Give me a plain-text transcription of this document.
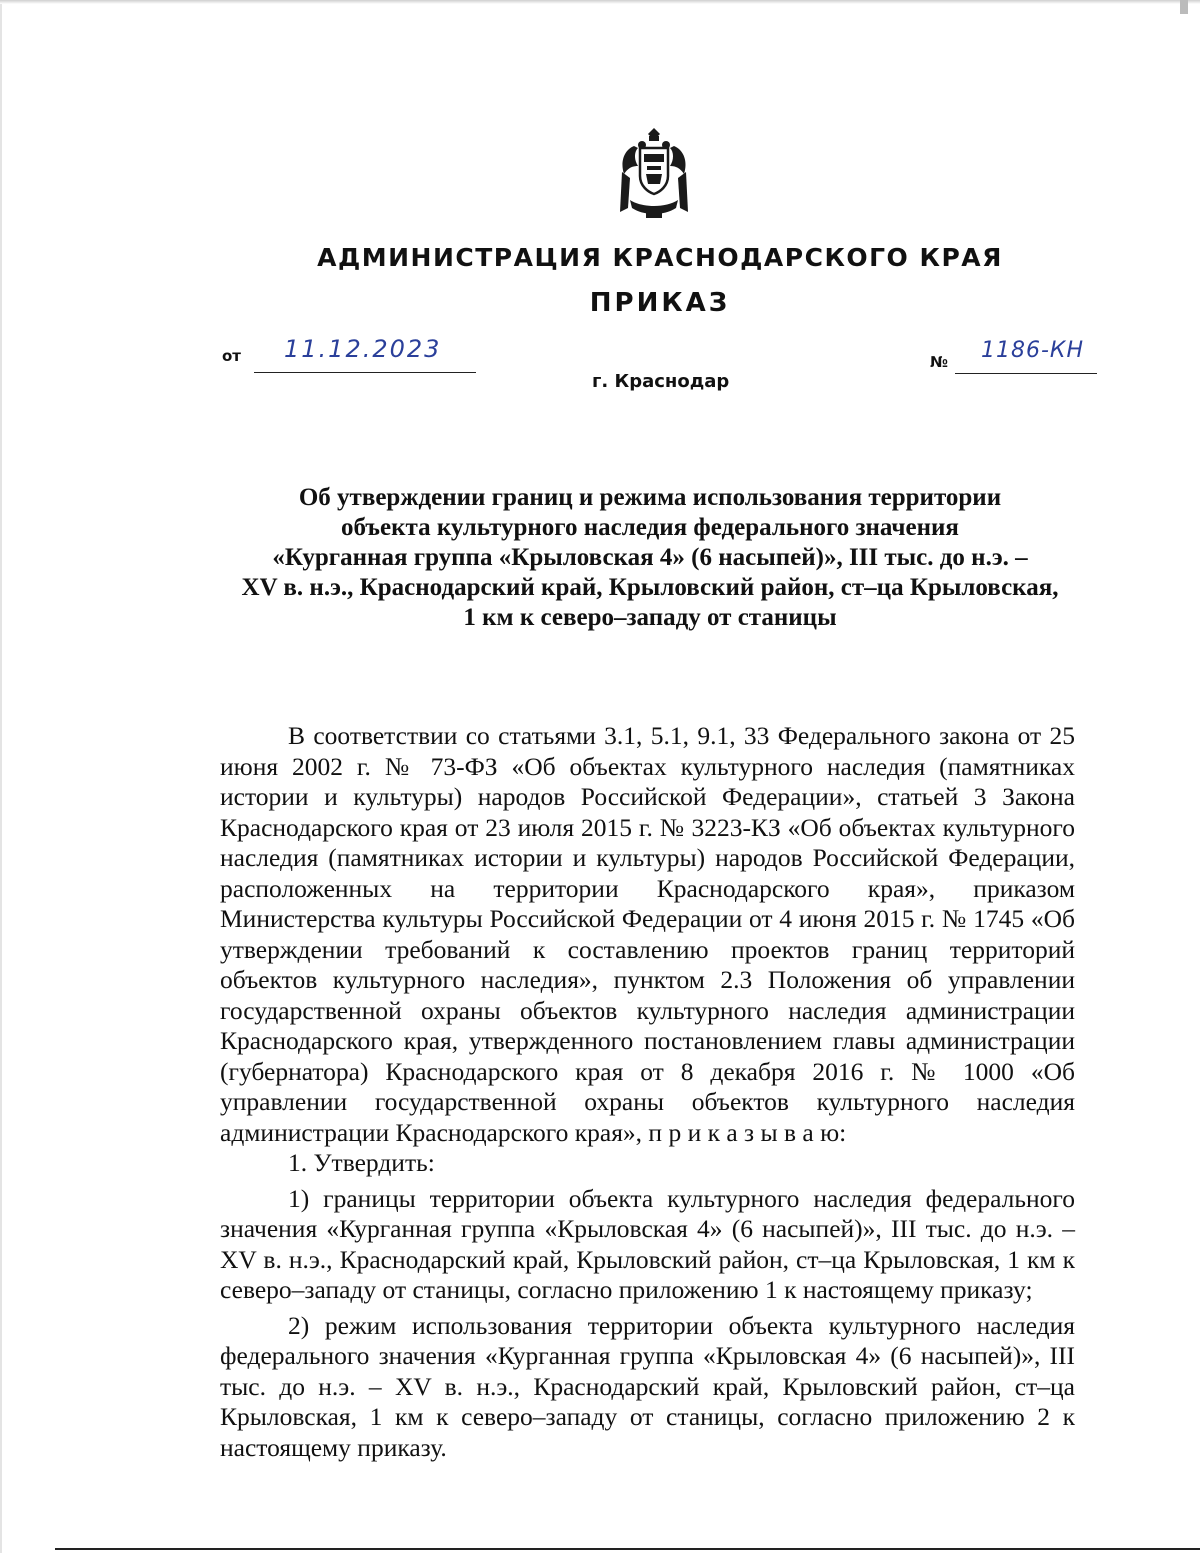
АДМИНИСТРАЦИЯ КРАСНОДАРСКОГО КРАЯ
ПРИКАЗ
от	11.12.2023	№	1186-КН
г. Краснодар
Об утверждении границ и режима использования территории
объекта культурного наследия федерального значения
«Курганная группа «Крыловская 4» (6 насыпей)», III тыс. до н.э. –
XV в. н.э., Краснодарский край, Крыловский район, ст–ца Крыловская,
1 км к северо–западу от станицы

В соответствии со статьями 3.1, 5.1, 9.1, 33 Федерального закона от 25 июня 2002 г. № 73-ФЗ «Об объектах культурного наследия (памятниках истории и культуры) народов Российской Федерации», статьей 3 Закона Краснодарского края от 23 июля 2015 г. № 3223-КЗ «Об объектах культурного наследия (памятниках истории и культуры) народов Российской Федерации, расположенных на территории Краснодарского края», приказом Министерства культуры Российской Федерации от 4 июня 2015 г. № 1745 «Об утверждении требований к составлению проектов границ территорий объектов культурного наследия», пунктом 2.3 Положения об управлении государственной охраны объектов культурного наследия администрации Краснодарского края, утвержденного постановлением главы администрации (губернатора) Краснодарского края от 8 декабря 2016 г. № 1000 «Об управлении государственной охраны объектов культурного наследия администрации Краснодарского края», п р и к а з ы в а ю:

1. Утвердить:

1) границы территории объекта культурного наследия федерального значения «Курганная группа «Крыловская 4» (6 насыпей)», III тыс. до н.э. – XV в. н.э., Краснодарский край, Крыловский район, ст–ца Крыловская, 1 км к северо–западу от станицы, согласно приложению 1 к настоящему приказу;

2) режим использования территории объекта культурного наследия федерального значения «Курганная группа «Крыловская 4» (6 насыпей)», III тыс. до н.э. – XV в. н.э., Краснодарский край, Крыловский район, ст–ца Крыловская, 1 км к северо–западу от станицы, согласно приложению 2 к настоящему приказу.
